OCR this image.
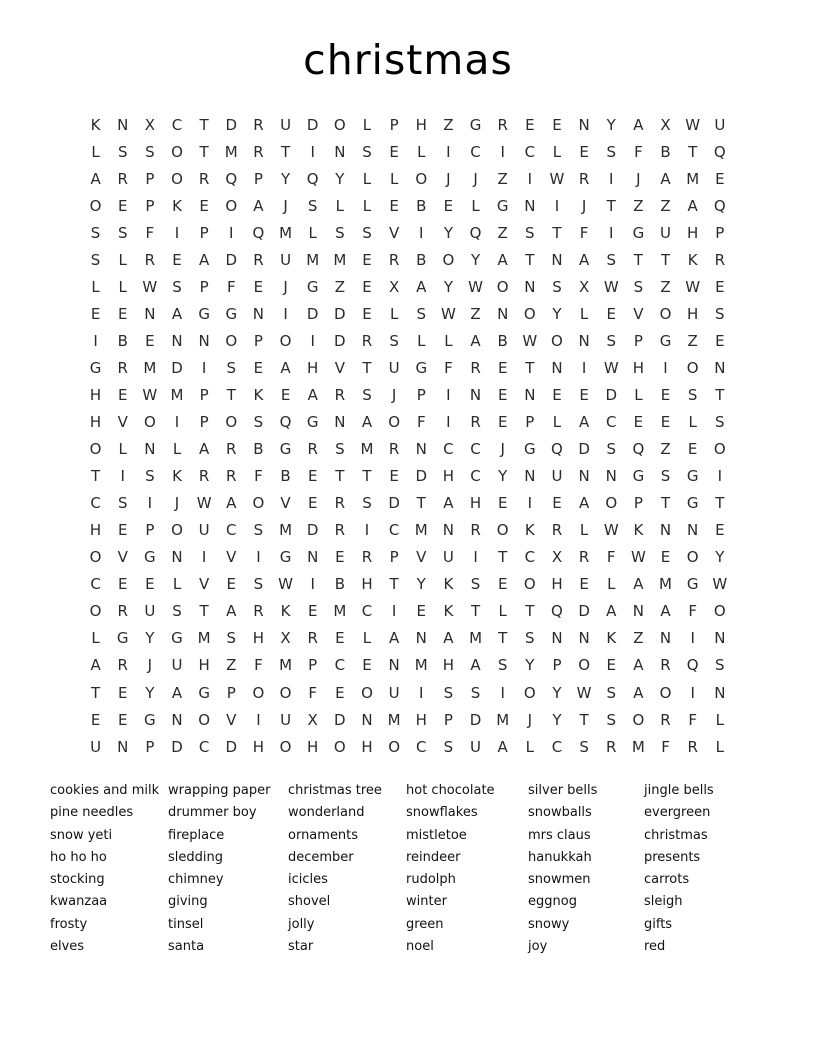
christmas
K	N	X	C	T	D	R	U	D	O	L	P	H	Z	G	R	E	E	N	Y	A	X W U
L	S	S	O	T	M	R	T	I	N	S	E	L	I	C	I	C	L	E	S	F	B	T	Q
A	R	P	O	R	Q	P	Y	Q	Y	L	L	O	J	J	Z	I	W R	I	J	A	M	E
O	E	P	K	E	O	A	J	S	L	L	E	B	E	L	G	N	I	J	T	Z	Z	A	Q
S	S	F	I	P	I	Q M	L	S	S	V	I	Y	Q	Z	S	T	F	I	G	U	H	P
S	L	R	E	A	D	R	U	M M	E	R	B	O	Y	A	T	N	A	S	T	T	K	R
L	L	W S	P	F	E	J	G	Z	E	X	A	Y	W O	N	S	X W S	Z W E
E	E	N	A	G	G	N	I	D	D	E	L	S W Z	N	O	Y	L	E	V	O	H	S
I	B	E	N	N	O	P	O	I	D	R	S	L	L	A	B W O	N	S	P	G	Z	E
G	R	M D	I	S	E	A	H	V	T	U	G	F	R	E	T	N	I	W H	I	O	N
H	E W M	P	T	K	E	A	R	S	J	P	I	N	E	N	E	E	D	L	E	S	T
H	V	O	I	P	O	S	Q	G	N	A	O	F	I	R	E	P	L	A	C	E	E	L	S
O	L	N	L	A	R	B	G	R	S	M	R	N	C	C	J	G	Q	D	S	Q	Z	E	O
T	I	S	K	R	R	F	B	E	T	T	E	D	H	C	Y	N	U	N	N	G	S	G	I
C	S	I	J	W A	O	V	E	R	S	D	T	A	H	E	I	E	A	O	P	T	G	T
H	E	P	O	U	C	S	M D	R	I	C	M	N	R	O	K	R	L	W K	N	N	E
O	V	G	N	I	V	I	G	N	E	R	P	V	U	I	T	C	X	R	F	W E	O	Y
C	E	E	L	V	E	S W	I	B	H	T	Y	K	S	E	O	H	E	L	A	M G W
O	R	U	S	T	A	R	K	E	M	C	I	E	K	T	L	T	Q	D	A	N	A	F	O
L	G	Y	G M	S	H	X	R	E	L	A	N	A	M	T	S	N	N	K	Z	N	I	N
A	R	J	U	H	Z	F	M	P	C	E	N	M	H	A	S	Y	P	O	E	A	R	Q	S
T	E	Y	A	G	P	O	O	F	E	O	U	I	S	S	I	O	Y	W S	A	O	I	N
E	E	G	N	O	V	I	U	X	D	N	M	H	P	D M	J	Y	T	S	O	R	F	L
U	N	P	D	C	D	H	O	H	O	H	O	C	S	U	A	L	C	S	R	M	F	R	L
cookies and milk
pine needles
snow yeti
ho ho ho
stocking
kwanzaa
frosty
elves
wrapping paper
drummer boy
fireplace
sledding
chimney
giving
tinsel
santa
christmas tree
wonderland
ornaments
december
icicles
shovel
jolly
star
hot chocolate
snowflakes
mistletoe
reindeer
rudolph
winter
green
noel
silver bells
snowballs
mrs claus
hanukkah
snowmen
eggnog
snowy
joy
jingle bells
evergreen
christmas
presents
carrots
sleigh
gifts
red
